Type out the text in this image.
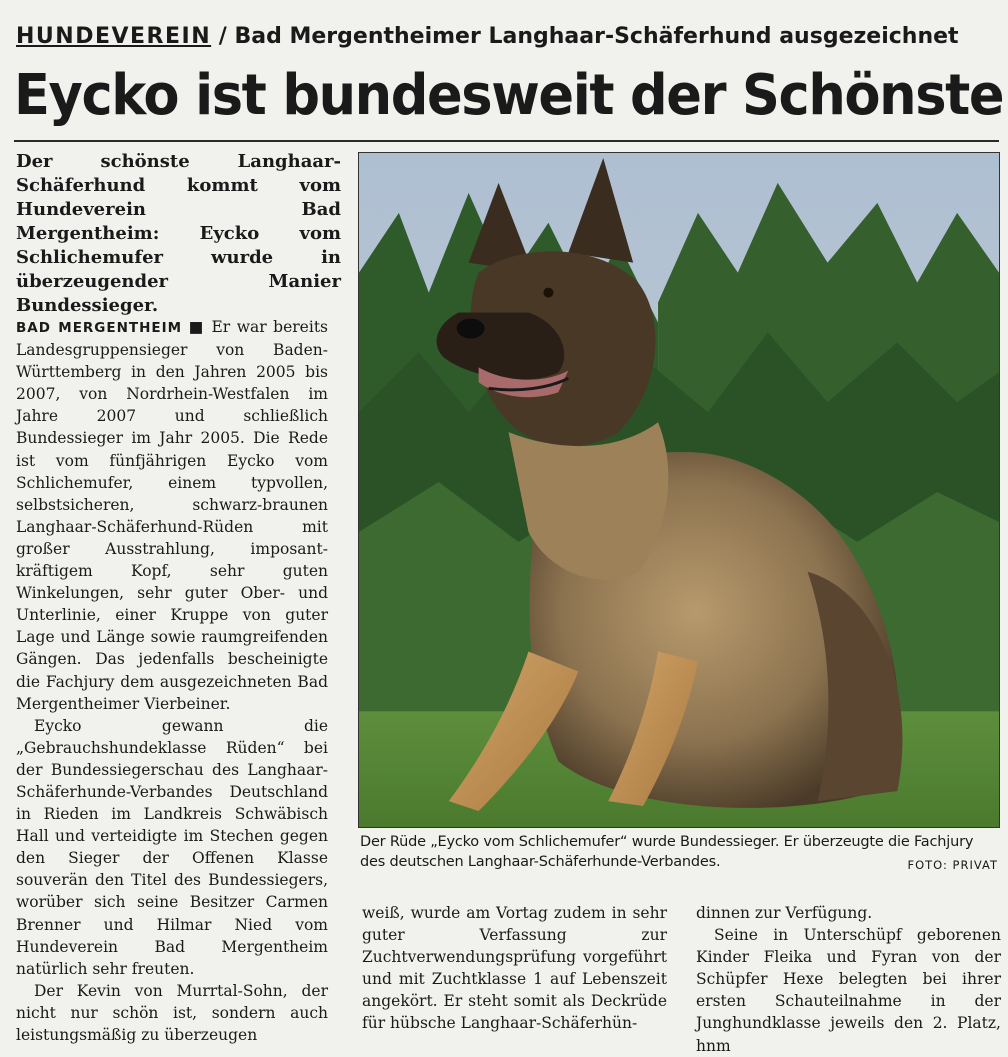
HUNDEVEREIN / Bad Mergentheimer Langhaar-Schäferhund ausgezeichnet
Eycko ist bundesweit der Schönste
Der schönste Langhaar-Schäferhund kommt vom Hundeverein Bad Mergentheim: Eycko vom Schlichemufer wurde in überzeugender Manier Bundessieger.

BAD MERGENTHEIM ■ Er war bereits Landesgruppensieger von Baden-Württemberg in den Jahren 2005 bis 2007, von Nordrhein-Westfalen im Jahre 2007 und schließlich Bundessieger im Jahr 2005. Die Rede ist vom fünfjährigen Eycko vom Schlichemufer, einem typvollen, selbstsicheren, schwarz-braunen Langhaar-Schäferhund-Rüden mit großer Ausstrahlung, imposant-kräftigem Kopf, sehr guten Winkelungen, sehr guter Ober- und Unterlinie, einer Kruppe von guter Lage und Länge sowie raumgreifenden Gängen. Das jedenfalls bescheinigte die Fachjury dem ausgezeichneten Bad Mergentheimer Vierbeiner.

Eycko gewann die „Gebrauchshundeklasse Rüden“ bei der Bundessiegerschau des Langhaar-Schäferhunde-Verbandes Deutschland in Rieden im Landkreis Schwäbisch Hall und verteidigte im Stechen gegen den Sieger der Offenen Klasse souverän den Titel des Bundessiegers, worüber sich seine Besitzer Carmen Brenner und Hilmar Nied vom Hundeverein Bad Mergentheim natürlich sehr freuten.

Der Kevin von Murrtal-Sohn, der nicht nur schön ist, sondern auch leistungsmäßig zu überzeugen

Der Rüde „Eycko vom Schlichemufer“ wurde Bundessieger. Er überzeugte die Fachjury des deutschen Langhaar-Schäferhunde-Verbandes.	FOTO: PRIVAT

weiß, wurde am Vortag zudem in sehr guter Verfassung zur Zuchtverwendungsprüfung vorgeführt und mit Zuchtklasse 1 auf Lebenszeit angekört. Er steht somit als Deckrüde für hübsche Langhaar-Schäferhün-

dinnen zur Verfügung.

Seine in Unterschüpf geborenen Kinder Fleika und Fyran von der Schüpfer Hexe belegten bei ihrer ersten Schauteilnahme in der Junghundklasse jeweils den 2. Platz, hnm
